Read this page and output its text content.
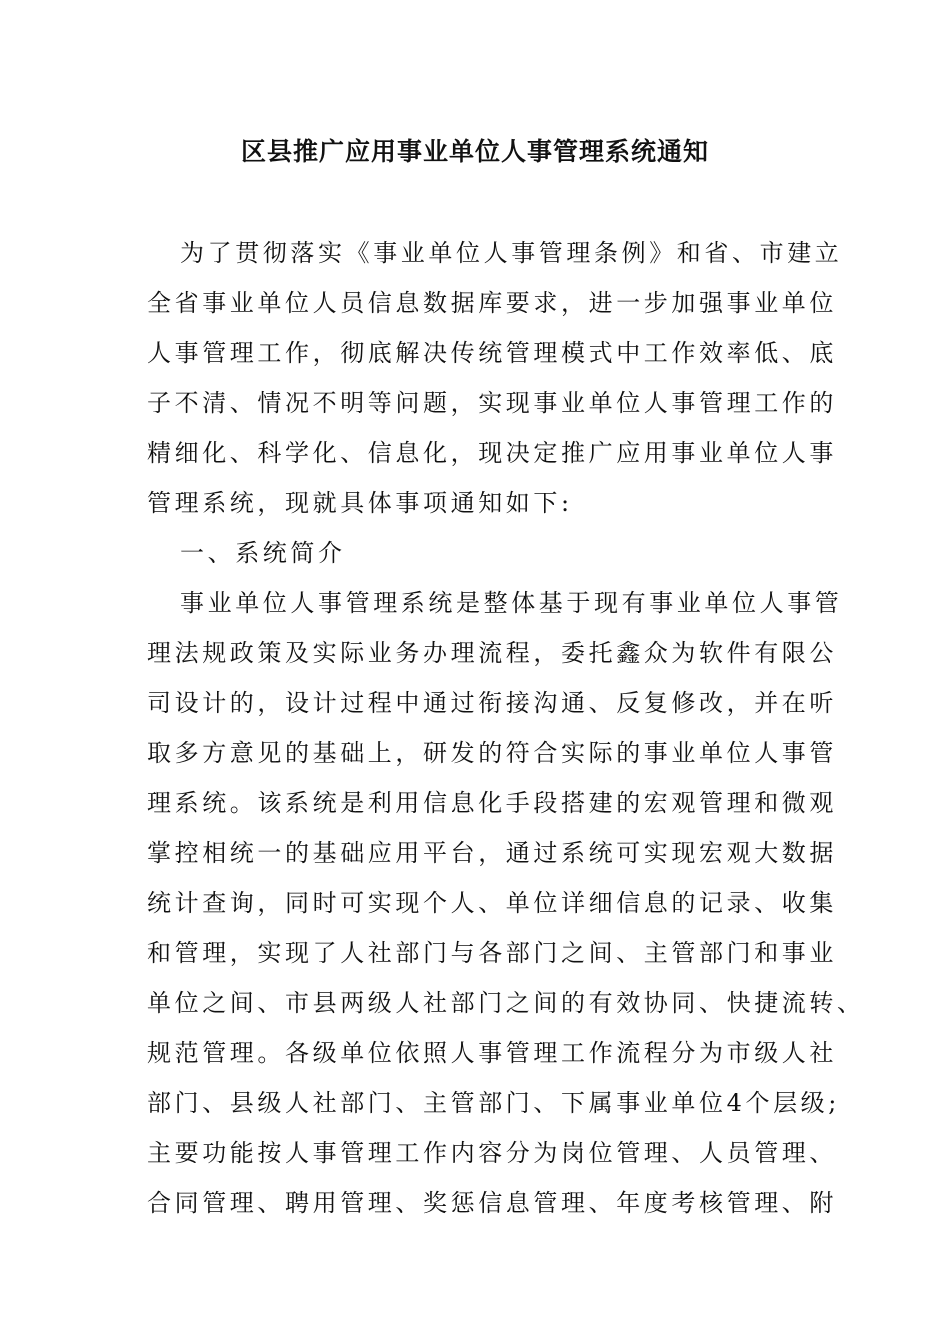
区县推广应用事业单位人事管理系统通知
为了贯彻落实《事业单位人事管理条例》和省、市建立
全省事业单位人员信息数据库要求，进一步加强事业单位
人事管理工作，彻底解决传统管理模式中工作效率低、底
子不清、情况不明等问题，实现事业单位人事管理工作的
精细化、科学化、信息化，现决定推广应用事业单位人事
管理系统，现就具体事项通知如下:
一、系统简介
事业单位人事管理系统是整体基于现有事业单位人事管
理法规政策及实际业务办理流程，委托鑫众为软件有限公
司设计的，设计过程中通过衔接沟通、反复修改，并在听
取多方意见的基础上，研发的符合实际的事业单位人事管
理系统。该系统是利用信息化手段搭建的宏观管理和微观
掌控相统一的基础应用平台，通过系统可实现宏观大数据
统计查询，同时可实现个人、单位详细信息的记录、收集
和管理，实现了人社部门与各部门之间、主管部门和事业
单位之间、市县两级人社部门之间的有效协同、快捷流转、
规范管理。各级单位依照人事管理工作流程分为市级人社
部门、县级人社部门、主管部门、下属事业单位4个层级;
主要功能按人事管理工作内容分为岗位管理、人员管理、
合同管理、聘用管理、奖惩信息管理、年度考核管理、附
